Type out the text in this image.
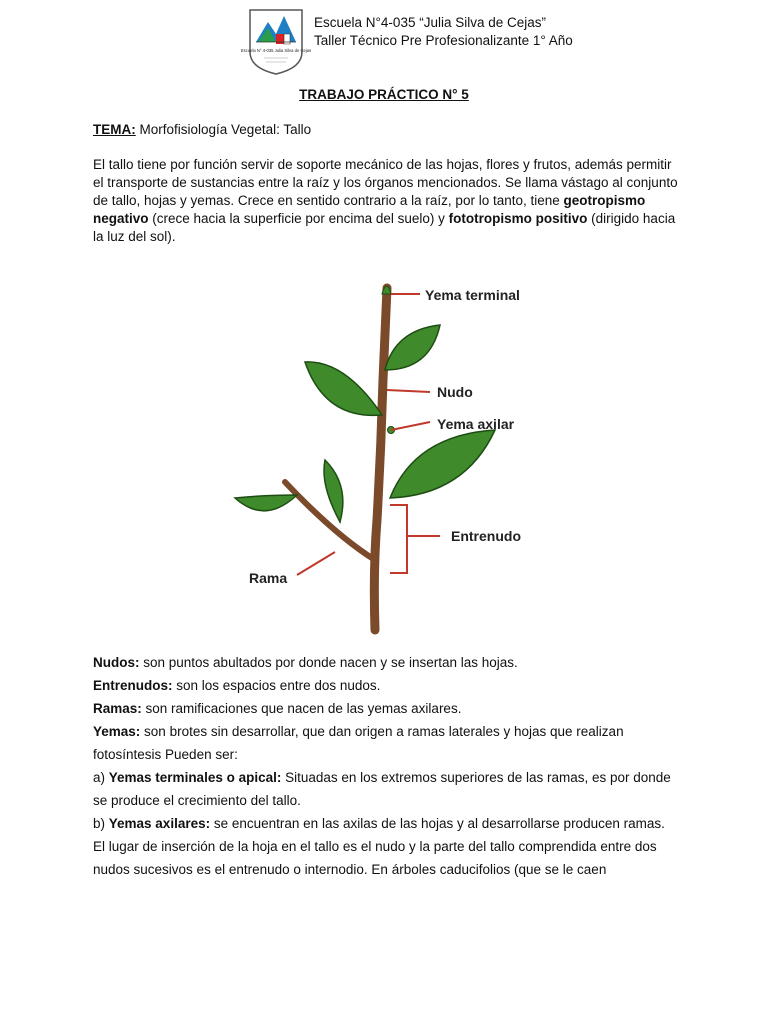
Escuela N° 4-035 Julia Silva de Cejas
Escuela N°4-035 “Julia Silva de Cejas”
Taller Técnico Pre Profesionalizante 1° Año
TRABAJO PRÁCTICO N° 5
TEMA: Morfofisiología Vegetal: Tallo
El tallo tiene por función servir de soporte mecánico de las hojas, flores y frutos, además permitir el transporte de sustancias entre la raíz y los órganos mencionados. Se llama vástago al conjunto de tallo, hojas y yemas. Crece en sentido contrario a la raíz, por lo tanto, tiene geotropismo negativo (crece hacia la superficie por encima del suelo) y fototropismo positivo (dirigido hacia la luz del sol).
Yema terminal
Nudo
Yema axilar
Entrenudo
Rama

Nudos: son puntos abultados por donde nacen y se insertan las hojas.

Entrenudos: son los espacios entre dos nudos.

Ramas: son ramificaciones que nacen de las yemas axilares.

Yemas: son brotes sin desarrollar, que dan origen a ramas laterales y hojas que realizan fotosíntesis Pueden ser:

a) Yemas terminales o apical: Situadas en los extremos superiores de las ramas, es por donde se produce el crecimiento del tallo.

b) Yemas axilares: se encuentran en las axilas de las hojas y al desarrollarse producen ramas.

El lugar de inserción de la hoja en el tallo es el nudo y la parte del tallo comprendida entre dos nudos sucesivos es el entrenudo o internodio. En árboles caducifolios (que se le caen
